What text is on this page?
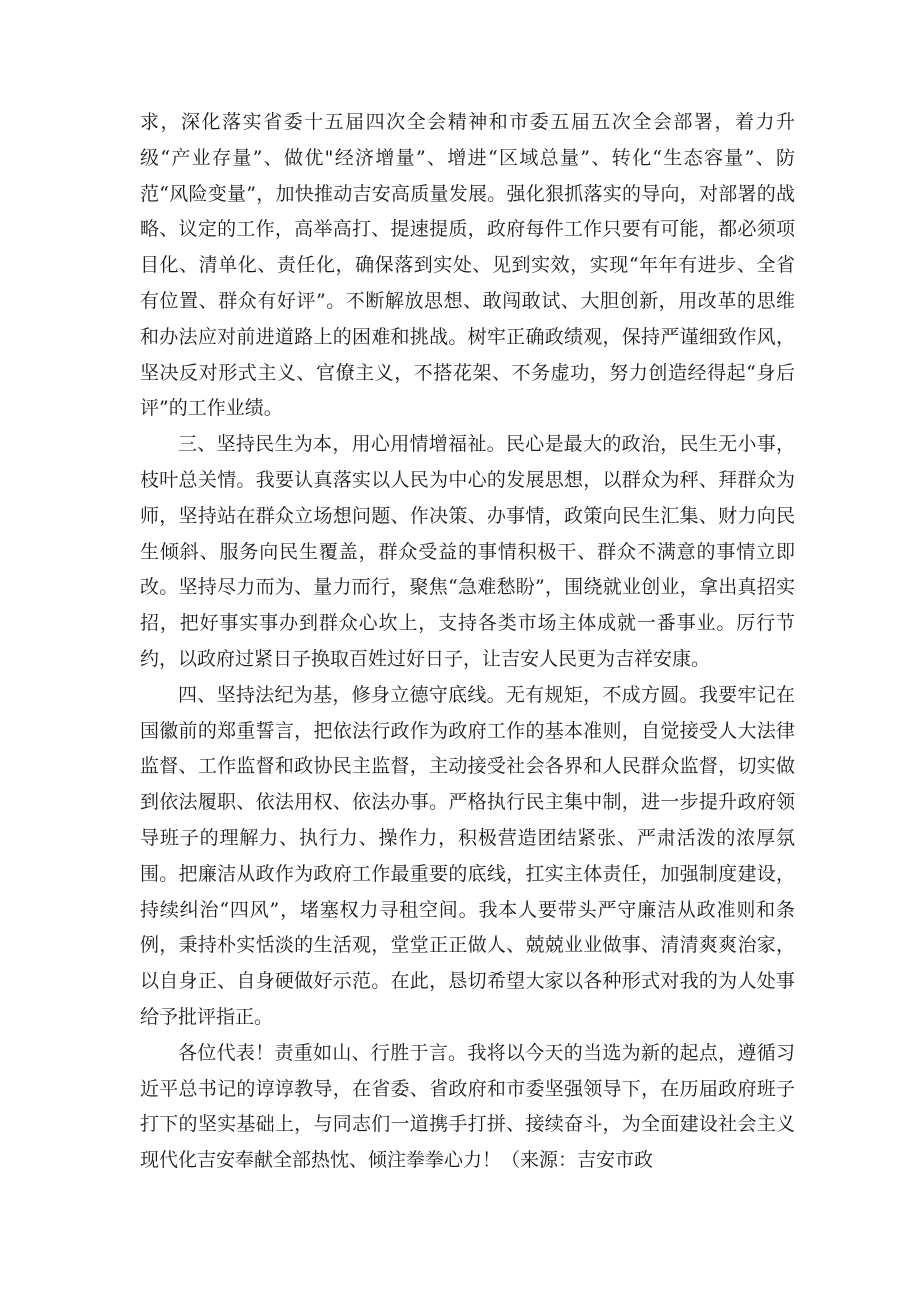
求，深化落实省委十五届四次全会精神和市委五届五次全会部署，着力升级“产业存量”、做优"经济增量”、增进“区域总量”、转化“生态容量”、防范“风险变量”，加快推动吉安高质量发展。强化狠抓落实的导向，对部署的战略、议定的工作，高举高打、提速提质，政府每件工作只要有可能，都必须项目化、清单化、责任化，确保落到实处、见到实效，实现“年年有进步、全省有位置、群众有好评”。不断解放思想、敢闯敢试、大胆创新，用改革的思维和办法应对前进道路上的困难和挑战。树牢正确政绩观，保持严谨细致作风，坚决反对形式主义、官僚主义，不搭花架、不务虚功，努力创造经得起“身后评”的工作业绩。

三、坚持民生为本，用心用情增福祉。民心是最大的政治，民生无小事，枝叶总关情。我要认真落实以人民为中心的发展思想，以群众为秤、拜群众为师，坚持站在群众立场想问题、作决策、办事情，政策向民生汇集、财力向民生倾斜、服务向民生覆盖，群众受益的事情积极干、群众不满意的事情立即改。坚持尽力而为、量力而行，聚焦“急难愁盼”，围绕就业创业，拿出真招实招，把好事实事办到群众心坎上，支持各类市场主体成就一番事业。厉行节约，以政府过紧日子换取百姓过好日子，让吉安人民更为吉祥安康。

四、坚持法纪为基，修身立德守底线。无有规矩，不成方圆。我要牢记在国徽前的郑重誓言，把依法行政作为政府工作的基本准则，自觉接受人大法律监督、工作监督和政协民主监督，主动接受社会各界和人民群众监督，切实做到依法履职、依法用权、依法办事。严格执行民主集中制，进一步提升政府领导班子的理解力、执行力、操作力，积极营造团结紧张、严肃活泼的浓厚氛围。把廉洁从政作为政府工作最重要的底线，扛实主体责任，加强制度建设，持续纠治“四风”，堵塞权力寻租空间。我本人要带头严守廉洁从政准则和条例，秉持朴实恬淡的生活观，堂堂正正做人、兢兢业业做事、清清爽爽治家，以自身正、自身硬做好示范。在此，恳切希望大家以各种形式对我的为人处事给予批评指正。

各位代表！责重如山、行胜于言。我将以今天的当选为新的起点，遵循习近平总书记的谆谆教导，在省委、省政府和市委坚强领导下，在历届政府班子打下的坚实基础上，与同志们一道携手打拼、接续奋斗，为全面建设社会主义现代化吉安奉献全部热忱、倾注拳拳心力！（来源：吉安市政
